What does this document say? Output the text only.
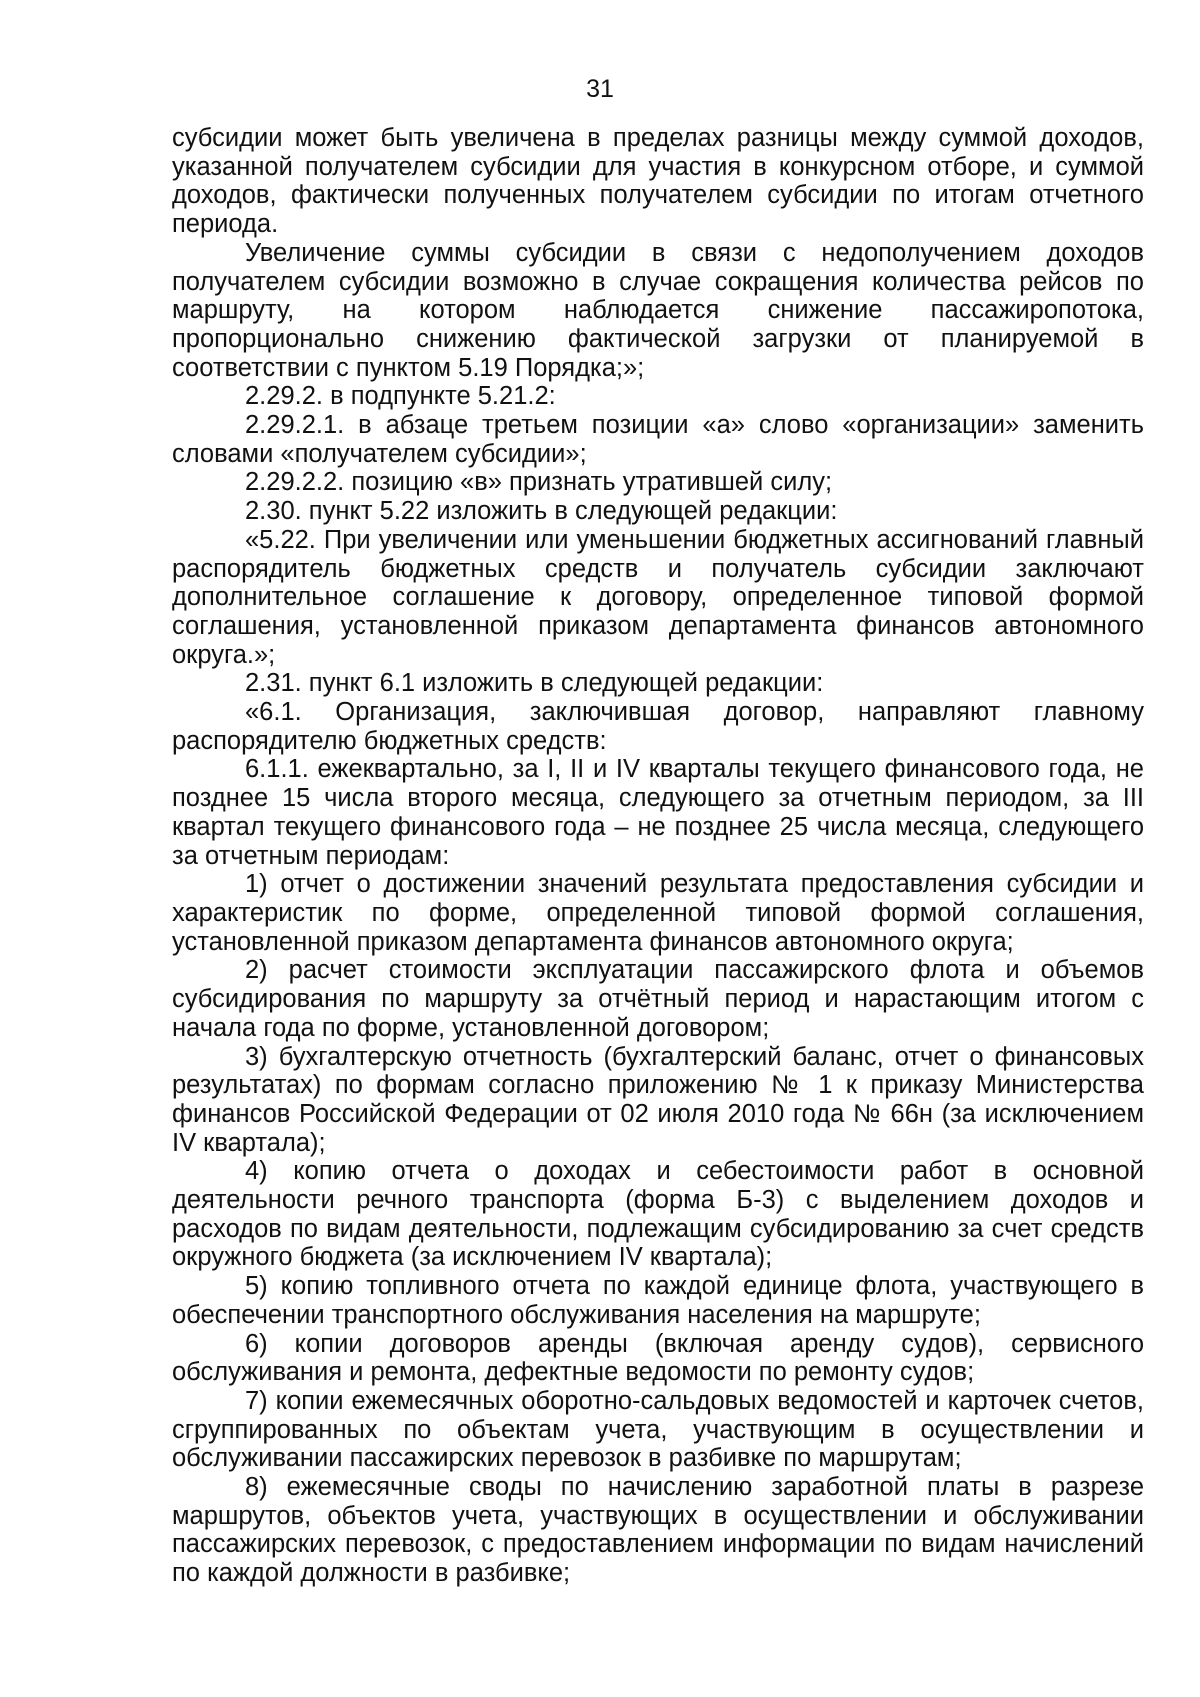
31

субсидии может быть увеличена в пределах разницы между суммой доходов, указанной получателем субсидии для участия в конкурсном отборе, и суммой доходов, фактически полученных получателем субсидии по итогам отчетного периода.

Увеличение суммы субсидии в связи с недополучением доходов получателем субсидии возможно в случае сокращения количества рейсов по маршруту, на котором наблюдается снижение пассажиропотока, пропорционально снижению фактической загрузки от планируемой в соответствии с пунктом 5.19 Порядка;»;

2.29.2. в подпункте 5.21.2:

2.29.2.1. в абзаце третьем позиции «а» слово «организации» заменить словами «получателем субсидии»;

2.29.2.2. позицию «в» признать утратившей силу;

2.30. пункт 5.22 изложить в следующей редакции:

«5.22. При увеличении или уменьшении бюджетных ассигнований главный распорядитель бюджетных средств и получатель субсидии заключают дополнительное соглашение к договору, определенное типовой формой соглашения, установленной приказом департамента финансов автономного округа.»;

2.31. пункт 6.1 изложить в следующей редакции:

«6.1. Организация, заключившая договор, направляют главному распорядителю бюджетных средств:

6.1.1. ежеквартально, за I, II и IV кварталы текущего финансового года, не позднее 15 числа второго месяца, следующего за отчетным периодом, за III квартал текущего финансового года – не позднее 25 числа месяца, следующего за отчетным периодам:

1) отчет о достижении значений результата предоставления субсидии и характеристик по форме, определенной типовой формой соглашения, установленной приказом департамента финансов автономного округа;

2) расчет стоимости эксплуатации пассажирского флота и объемов субсидирования по маршруту за отчётный период и нарастающим итогом с начала года по форме, установленной договором;

3) бухгалтерскую отчетность (бухгалтерский баланс, отчет о финансовых результатах) по формам согласно приложению № 1 к приказу Министерства финансов Российской Федерации от 02 июля 2010 года № 66н (за исключением IV квартала);

4) копию отчета о доходах и себестоимости работ в основной деятельности речного транспорта (форма Б-3) с выделением доходов и расходов по видам деятельности, подлежащим субсидированию за счет средств окружного бюджета (за исключением IV квартала);

5) копию топливного отчета по каждой единице флота, участвующего в обеспечении транспортного обслуживания населения на маршруте;

6) копии договоров аренды (включая аренду судов), сервисного обслуживания и ремонта, дефектные ведомости по ремонту судов;

7) копии ежемесячных оборотно-сальдовых ведомостей и карточек счетов, сгруппированных по объектам учета, участвующим в осуществлении и обслуживании пассажирских перевозок в разбивке по маршрутам;

8) ежемесячные своды по начислению заработной платы в разрезе маршрутов, объектов учета, участвующих в осуществлении и обслуживании пассажирских перевозок, с предоставлением информации по видам начислений по каждой должности в разбивке;
